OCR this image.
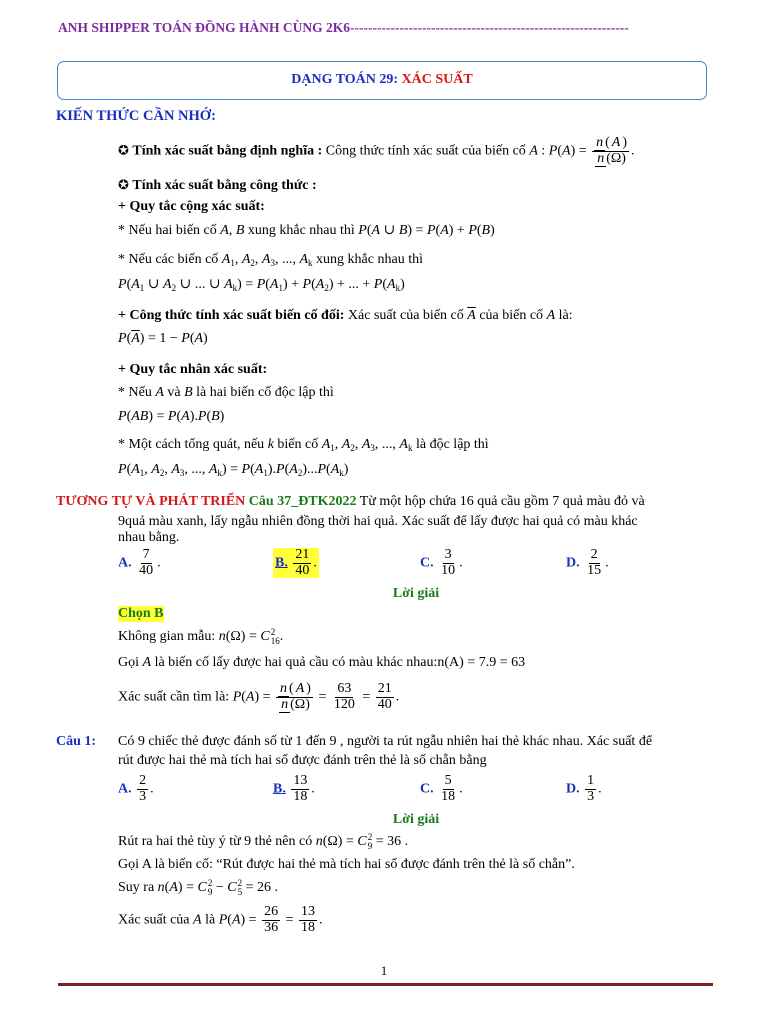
ANH SHIPPER TOÁN ĐỒNG HÀNH CÙNG 2K6--------------------------------------------------------------
DẠNG TOÁN 29: XÁC SUẤT
KIẾN THỨC CẦN NHỚ:
✪ Tính xác suất bằng định nghĩa : Công thức tính xác suất của biến cố A : $P(A) = \frac{n ( A )}{n (\Omega)}$ .
✪ Tính xác suất bằng công thức :
+ Quy tắc cộng xác suất:
* Nếu hai biến cố A, B xung khắc nhau thì P(A ∪ B) = P(A) + P(B)
* Nếu các biến cố $A_1$, $A_2$, $A_3$, ..., $A_k$ xung khắc nhau thì
$P(A_1$ ∪ $A_2$ ∪ ... ∪ $A_k) = P(A_1) + P(A_2)$ + ... + $P(A_k)$
+ Công thức tính xác suất biến cố đối: Xác suất của biến cố $\overline{A}$ của biến cố A là:
$P(\overline{A}) = 1 - P(A)$
+ Quy tắc nhân xác suất:
* Nếu A và B là hai biến cố độc lập thì
P(AB) = P(A).P(B)
* Một cách tổng quát, nếu k biến cố $A_1$, $A_2$, $A_3$, ..., $A_k$ là độc lập thì
$P(A_1$, $A_2$, $A_3$, ..., $A_k) = P(A_1).P(A_2)...P(A_k)$
TƯƠNG TỰ VÀ PHÁT TRIỂN Câu 37_ĐTK2022 Từ một hộp chứa 16 quả cầu gồm 7 quả màu đỏ và
9quả màu xanh, lấy ngẫu nhiên đồng thời hai quả. Xác suất để lấy được hai quả có màu khác
nhau bằng.
A. $\frac{7}{40}$ .	B. $\frac{21}{40}$ .	C. $\frac{3}{10}$ .	D. $\frac{2}{15}$ .
Lời giải
Chọn B
Không gian mẫu: n(Ω) = C 2
16 .
Gọi A là biến cố lấy được hai quả cầu có màu khác nhau:n(A) = 7.9 = 63
Xác suất cần tìm là: $P(A) = \frac{n ( A )}{n (\Omega)} = \frac{63}{120} = \frac{21}{40}$ .
Câu 1: Có 9 chiếc thẻ được đánh số từ 1 đến 9 , người ta rút ngẫu nhiên hai thẻ khác nhau. Xác suất để
rút được hai thẻ mà tích hai số được đánh trên thẻ là số chẵn bằng
A. $\frac{2}{3}$ .	B. $\frac{13}{18}$ .	C. $\frac{5}{18}$ .	D. $\frac{1}{3}$ .
Lời giải
Rút ra hai thẻ tùy ý từ 9 thẻ nên có n(Ω) = C 2
9 = 36 .
Gọi A là biến cố: “Rút được hai thẻ mà tích hai số được đánh trên thẻ là số chẵn”.
Suy ra n(A) = C 2
9 − C 2
5 = 26 .
Xác suất của A là $P(A) = \frac{26}{36} = \frac{13}{18}$ .
1
